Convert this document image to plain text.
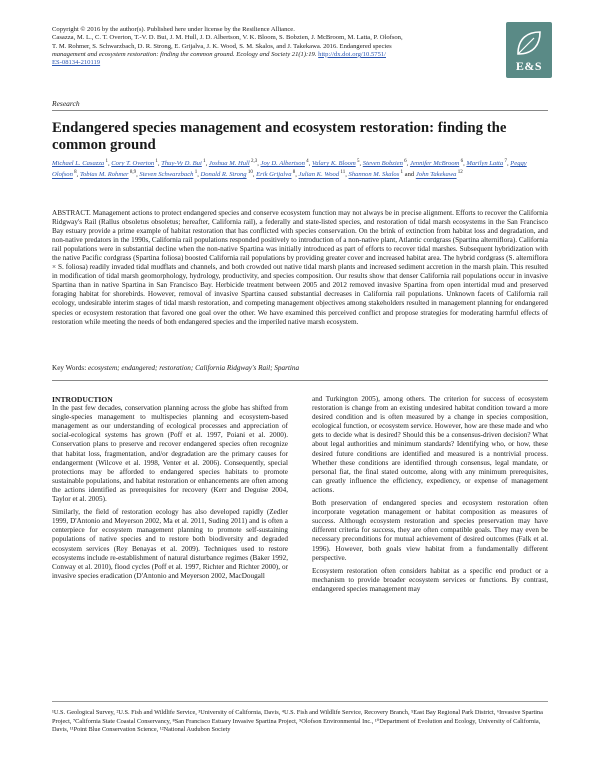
Copyright © 2016 by the author(s). Published here under license by the Resilience Alliance.
Casazza, M. L., C. T. Overton, T.-V. D. Bui, J. M. Hull, J. D. Albertson, V. K. Bloom, S. Bobzien, J. McBroom, M. Latta, P. Olofson,
T. M. Rohmer, S. Schwarzbach, D. R. Strong, E. Grijalva, J. K. Wood, S. M. Skalos, and J. Takekawa. 2016. Endangered species
management and ecosystem restoration: finding the common ground. Ecology and Society 21(1):19. http://dx.doi.org/10.5751/
ES-08134-210119	E&S
Research
Endangered species management and ecosystem restoration: finding the common ground
Michael L. Casazza $^1$, Cory T. Overton $^1$, Thuy-Vy D. Bui $^1$, Joshua M. Hull $^{2,3}$, Joy D. Albertson $^4$, Valary K. Bloom $^5$, Steven Bobzien $^6$, Jennifer McBroom $^6$, Marilyn Latta $^7$, Peggy Olofson $^8$, Tobias M. Rohmer $^{8,9}$, Steven Schwarzbach $^1$, Donald R. Strong $^{10}$, Erik Grijalva $^8$, Julian K. Wood $^{11}$, Shannon M. Skalos $^1$ and John Takekawa $^{12}$
ABSTRACT. Management actions to protect endangered species and conserve ecosystem function may not always be in precise alignment. Efforts to recover the California Ridgway's Rail (Rallus obsoletus obsoletus; hereafter, California rail), a federally and state-listed species, and restoration of tidal marsh ecosystems in the San Francisco Bay estuary provide a prime example of habitat restoration that has conflicted with species conservation. On the brink of extinction from habitat loss and degradation, and non-native predators in the 1990s, California rail populations responded positively to introduction of a non-native plant, Atlantic cordgrass (Spartina alterniflora). California rail populations were in substantial decline when the non-native Spartina was initially introduced as part of efforts to recover tidal marshes. Subsequent hybridization with the native Pacific cordgrass (Spartina foliosa) boosted California rail populations by providing greater cover and increased habitat area. The hybrid cordgrass (S. alterniflora × S. foliosa) readily invaded tidal mudflats and channels, and both crowded out native tidal marsh plants and increased sediment accretion in the marsh plain. This resulted in modification of tidal marsh geomorphology, hydrology, productivity, and species composition. Our results show that denser California rail populations occur in invasive Spartina than in native Spartina in San Francisco Bay. Herbicide treatment between 2005 and 2012 removed invasive Spartina from open intertidal mud and preserved foraging habitat for shorebirds. However, removal of invasive Spartina caused substantial decreases in California rail populations. Unknown facets of California rail ecology, undesirable interim stages of tidal marsh restoration, and competing management objectives among stakeholders resulted in management planning for endangered species or ecosystem restoration that favored one goal over the other. We have examined this perceived conflict and propose strategies for moderating harmful effects of restoration while meeting the needs of both endangered species and the imperiled native marsh ecosystem.
Key Words: ecosystem; endangered; restoration; California Ridgway's Rail; Spartina
INTRODUCTION

In the past few decades, conservation planning across the globe has shifted from single-species management to multispecies planning and ecosystem-based management as our understanding of ecological processes and appreciation of social-ecological systems has grown (Poff et al. 1997, Poiani et al. 2000). Conservation plans to preserve and recover endangered species often recognize that habitat loss, fragmentation, and/or degradation are the primary causes for endangerment (Wilcove et al. 1998, Venter et al. 2006). Consequently, special protections may be afforded to endangered species habitats to promote sustainable populations, and habitat restoration or enhancements are often among the actions identified as prerequisites for recovery (Kerr and Deguise 2004, Taylor et al. 2005).

Similarly, the field of restoration ecology has also developed rapidly (Zedler 1999, D'Antonio and Meyerson 2002, Ma et al. 2011, Suding 2011) and is often a centerpiece for ecosystem management planning to promote self-sustaining populations of native species and to restore both biodiversity and degraded ecosystem services (Rey Benayas et al. 2009). Techniques used to restore ecosystems include re-establishment of natural disturbance regimes (Baker 1992, Conway et al. 2010), flood cycles (Poff et al. 1997, Richter and Richter 2000), or invasive species eradication (D'Antonio and Meyerson 2002, MacDougall

and Turkington 2005), among others. The criterion for success of ecosystem restoration is change from an existing undesired habitat condition toward a more desired condition and is often measured by a change in species composition, ecological function, or ecosystem service. However, how are these made and who gets to decide what is desired? Should this be a consensus-driven decision? What about legal authorities and minimum standards? Identifying who, or how, these desired future conditions are identified and measured is a nontrivial process. Whether these conditions are identified through consensus, legal mandate, or personal fiat, the final stated outcome, along with any minimum prerequisites, can greatly influence the efficiency, expediency, or expense of management actions.

Both preservation of endangered species and ecosystem restoration often incorporate vegetation management or habitat composition as measures of success. Although ecosystem restoration and species preservation may have different criteria for success, they are often compatible goals. They may even be necessary preconditions for mutual achievement of desired outcomes (Falk et al. 1996). However, both goals view habitat from a fundamentally different perspective.

Ecosystem restoration often considers habitat as a specific end product or a mechanism to provide broader ecosystem services or functions. By contrast, endangered species management may

¹U.S. Geological Survey, ²U.S. Fish and Wildlife Service, ³University of California, Davis, ⁴U.S. Fish and Wildlife Service, Recovery Branch, ⁵East Bay Regional Park District, ⁶Invasive Spartina Project, ⁷California State Coastal Conservancy, ⁸San Francisco Estuary Invasive Spartina Project, ⁹Olofson Environmental Inc., ¹⁰Department of Evolution and Ecology, University of California, Davis, ¹¹Point Blue Conservation Science, ¹²National Audubon Society
